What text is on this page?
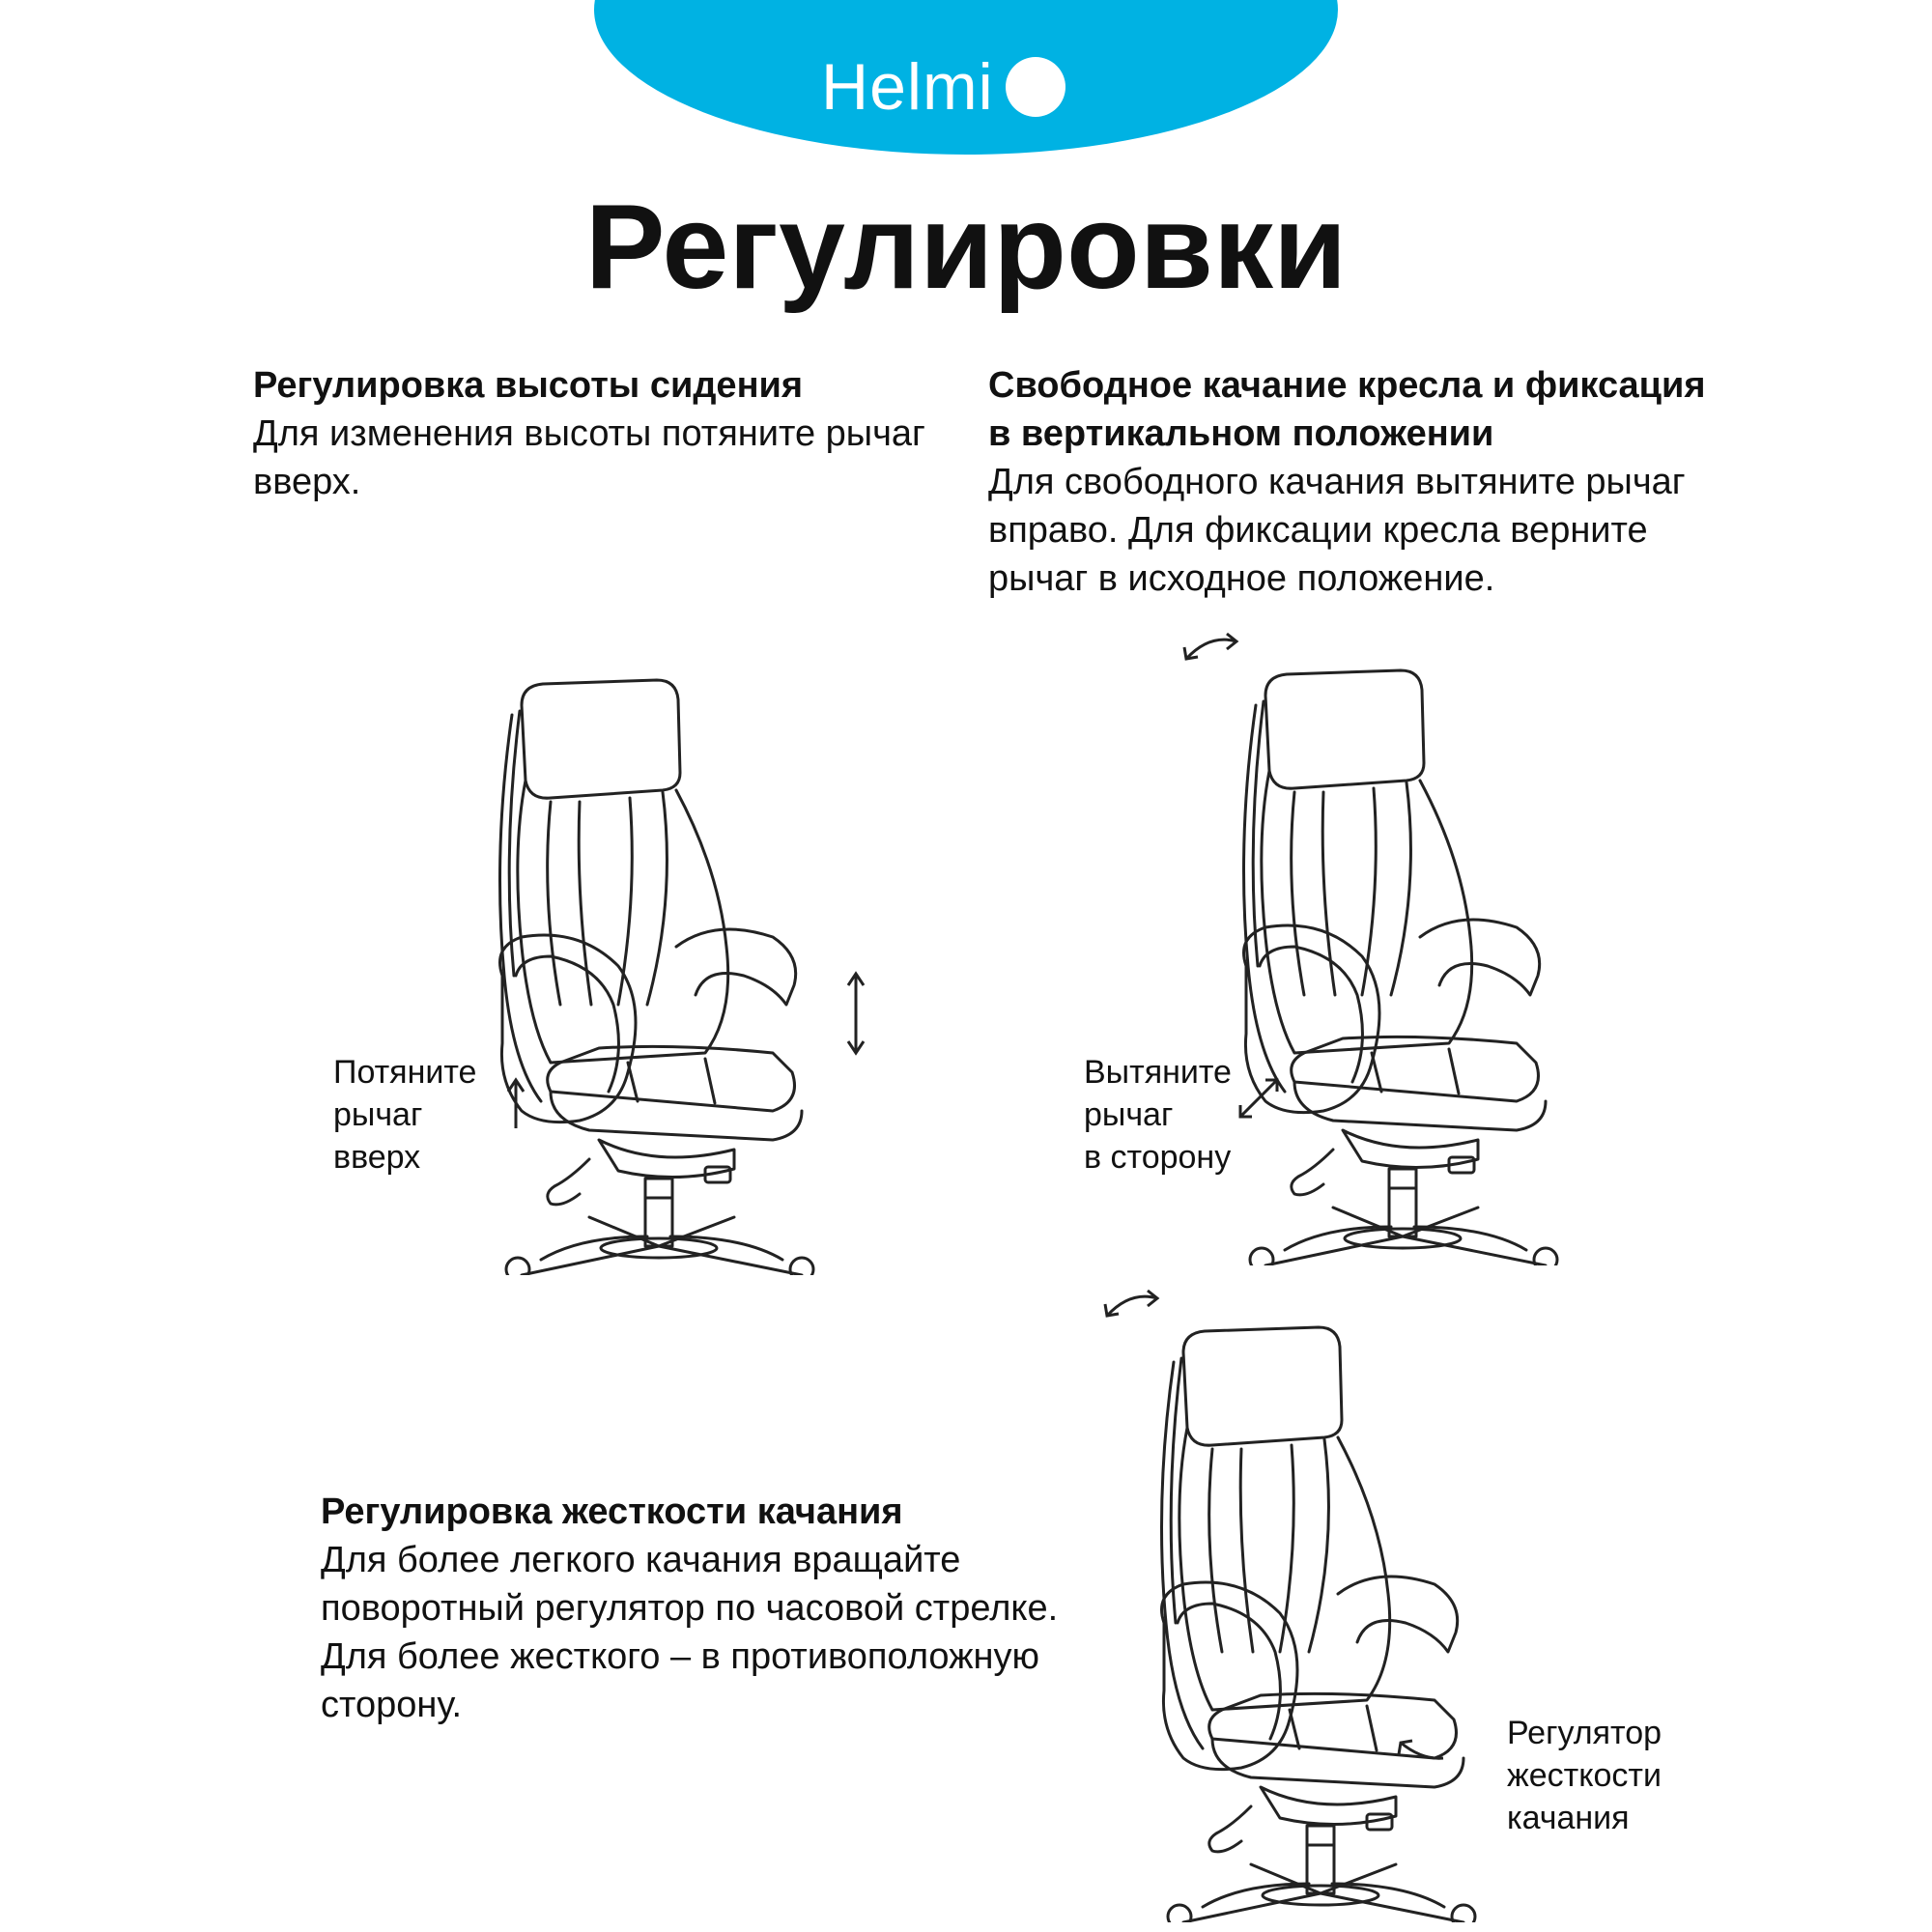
Helmi
Регулировки
Регулировка высоты сидения

Для изменения высоты потяните рычаг

вверх.

Свободное качание кресла и фиксация
в вертикальном положении

Для свободного качания вытяните рычаг

вправо. Для фиксации кресла верните

рычаг в исходное положение.

Регулировка жесткости качания

Для более легкого качания вращайте

поворотный регулятор по часовой стрелке.

Для более жесткого – в противоположную

сторону.

Потяните
рычаг
вверх
Вытяните
рычаг
в сторону
Регулятор
жесткости
качания
